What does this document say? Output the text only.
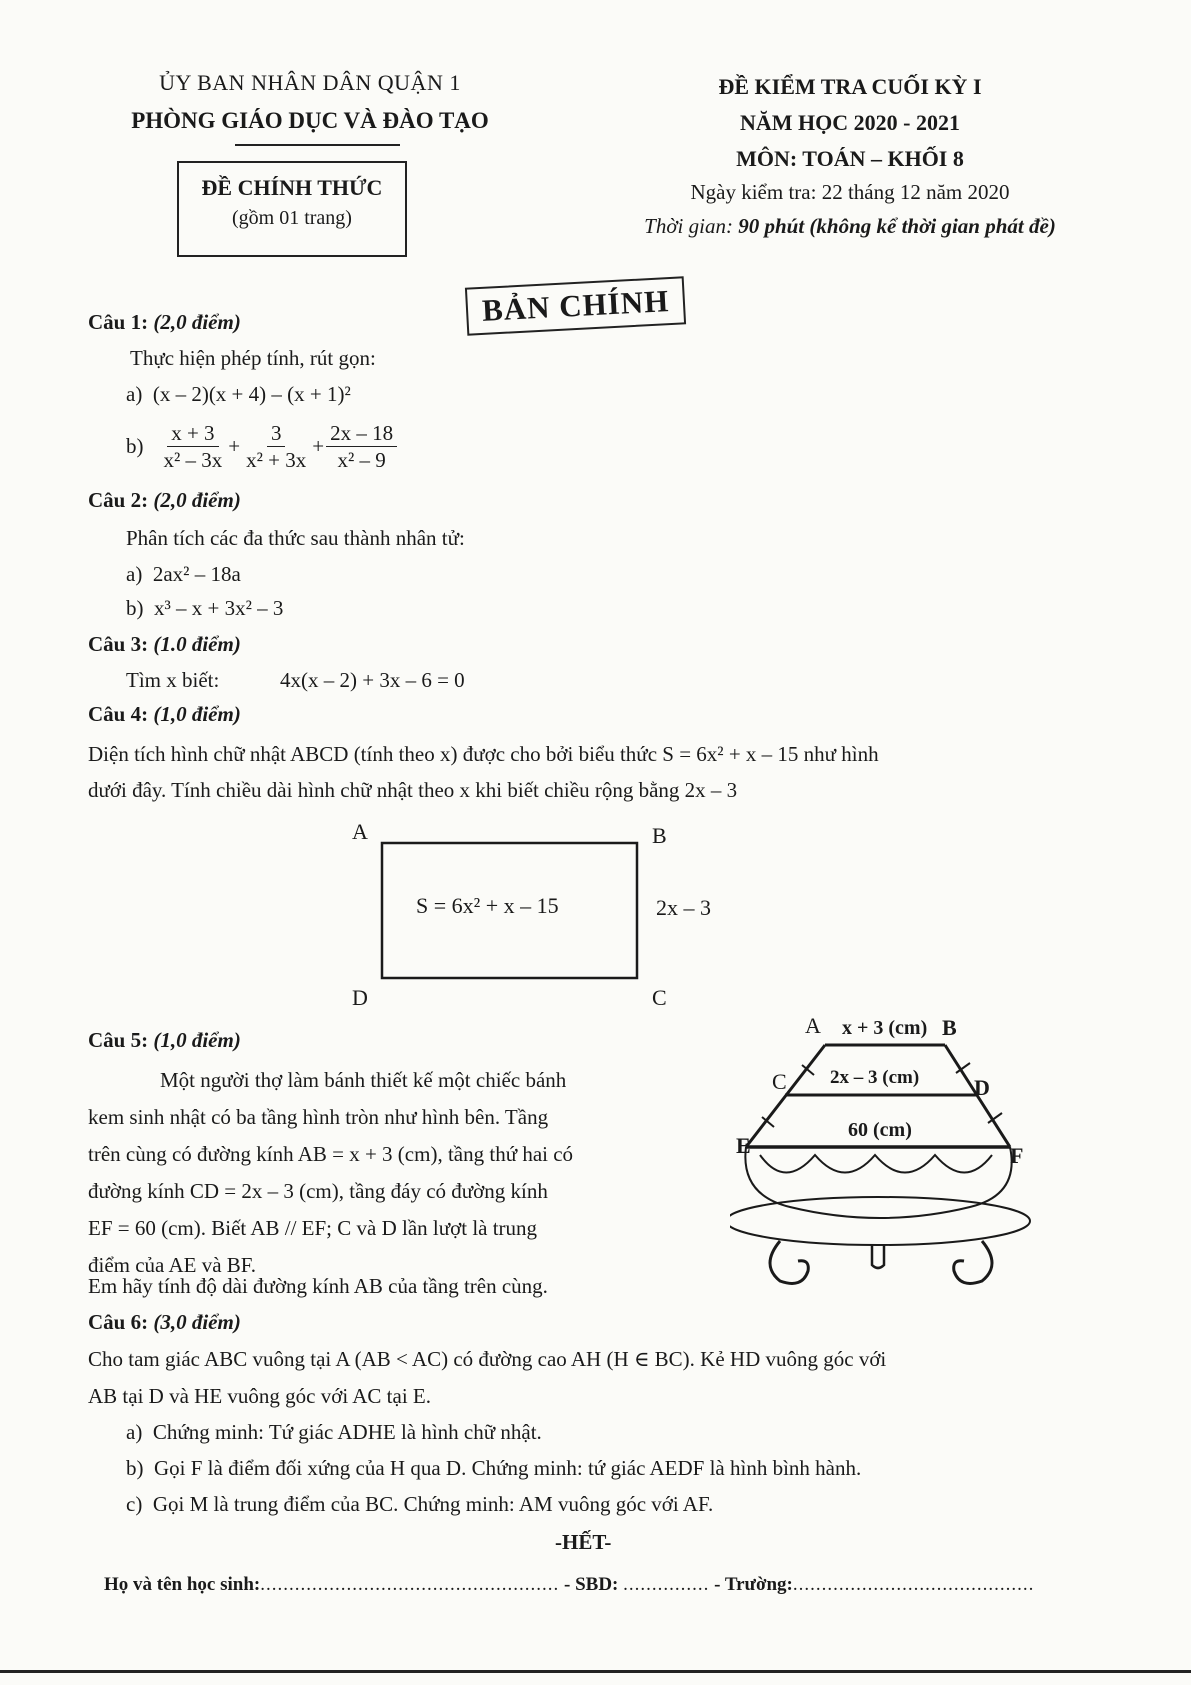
ỦY BAN NHÂN DÂN QUẬN 1
PHÒNG GIÁO DỤC VÀ ĐÀO TẠO
ĐỀ CHÍNH THỨC
(gồm 01 trang)
ĐỀ KIỂM TRA CUỐI KỲ I
NĂM HỌC 2020 - 2021
MÔN: TOÁN – KHỐI 8
Ngày kiểm tra: 22 tháng 12 năm 2020
Thời gian: 90 phút (không kể thời gian phát đề)
BẢN CHÍNH
Câu 1: (2,0 điểm)
Thực hiện phép tính, rút gọn:
a) (x – 2)(x + 4) – (x + 1)²
$b) \frac{x + 3}{\text{x² – 3x}} + \frac{3}{\text{x² + 3x}} + \frac{2x - 18}{\text{x² – 9}}$
Câu 2: (2,0 điểm)
Phân tích các đa thức sau thành nhân tử:
a) 2ax² – 18a
b) x³ – x + 3x² – 3
Câu 3: (1.0 điểm)
Tìm x biết:	4x(x – 2) + 3x – 6 = 0
Câu 4: (1,0 điểm)
Diện tích hình chữ nhật ABCD (tính theo x) được cho bởi biểu thức S = 6x² + x – 15 như hình
dưới đây. Tính chiều dài hình chữ nhật theo x khi biết chiều rộng bằng 2x – 3
A	B
C
D
S = 6x² + x – 15	2x – 3
Câu 5: (1,0 điểm)
Một người thợ làm bánh thiết kế một chiếc bánh
kem sinh nhật có ba tầng hình tròn như hình bên. Tầng
trên cùng có đường kính AB = x + 3 (cm), tầng thứ hai có
đường kính CD = 2x – 3 (cm), tầng đáy có đường kính
EF = 60 (cm). Biết AB // EF; C và D lần lượt là trung
điểm của AE và BF.
Em hãy tính độ dài đường kính AB của tầng trên cùng.
A	B
C	D
E	F
x + 3 (cm)
2x – 3 (cm)
60 (cm)
Câu 6: (3,0 điểm)
Cho tam giác ABC vuông tại A (AB < AC) có đường cao AH (H ∈ BC). Kẻ HD vuông góc với
AB tại D và HE vuông góc với AC tại E.
a) Chứng minh: Tứ giác ADHE là hình chữ nhật.
b) Gọi F là điểm đối xứng của H qua D. Chứng minh: tứ giác AEDF là hình bình hành.
c) Gọi M là trung điểm của BC. Chứng minh: AM vuông góc với AF.
-HẾT-
Họ và tên học sinh:.................................................... - SBD: ............... - Trường:..........................................
